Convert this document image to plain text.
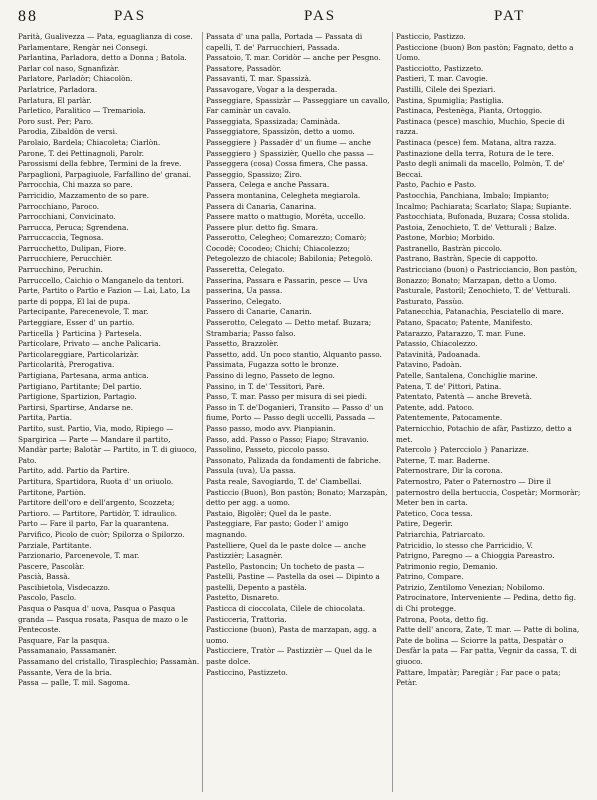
88	PAS	PAS	PAT

Parità, Gualivezza — Pata, eguaglianza di cose.

Parlamentare, Rengàr nei Consegi.

Parlantina, Parladora, detto a Donna ; Batola.

Parlar col naso, Sgnanfizàr.

Parlatore, Parladòr; Chiacolòn.

Parlatrice, Parladora.

Parlatura, El parlàr.

Parletico, Paralitico — Tremariola.

Poro sust. Per; Paro.

Parodia, Zibaldòn de versi.

Parolaio, Bardela; Chiacoleta; Ciarlòn.

Parone, T. dei Pettinagnoli, Parolr.

Parossismi della febbre, Termini de la freve.

Parpaglioni, Parpagiuole, Farfallino de' granai.

Parrocchia, Chi mazza so pare.

Parricidio, Mazzamento de so pare.

Parrocchiano, Paroco.

Parrocchiani, Convicinato.

Parrucca, Peruca; Sgrendena.

Parruccaccia, Tegnosa.

Parrucchetto, Dulipan, Fiore.

Parrucchiere, Perucchièr.

Parrucchino, Peruchin.

Parruccello, Caichio o Manganelo da tentori.

Parte, Partito o Partìo e Fazion — Lai, Lato, La parte di poppa, El lai de pupa.

Partecipante, Parecenevole, T. mar.

Parteggiare, Esser d' un partio.

Particella } Particina } Partesela.

Particolare, Privato — anche Palicaria.

Particolareggiare, Particolarizàr.

Particolarità, Prerogativa.

Partigiana, Partesana, arma antica.

Partigiano, Partitante; Del partio.

Partigione, Spartizion, Partagio.

Partirsi, Spartirse, Andarse ne.

Partita, Partia.

Partito, sust. Partio, Via, modo, Ripiego — Spargirica — Parte — Mandare il partito, Mandàr parte; Balotàr — Partito, in T. di giuoco, Pato.

Partito, add. Partio da Partire.

Partitura, Spartidora, Ruota d' un oriuolo.

Partitone, Partiòn.

Partitore dell'oro e dell'argento, Scozzeta; Partioro. — Partitore, Partidòr, T. idraulico.

Parto — Fare il parto, Far la quarantena.

Parvifico, Picolo de cuòr; Spilorza o Spilorzo.

Parziale, Partitante.

Parzionario, Parcenevole, T. mar.

Pascere, Pascolàr.

Pascià, Bassà.

Pascibietola, Visdecazzo.

Pascolo, Pasclo.

Pasqua o Pasqua d' uova, Pasqua o Pasqua granda — Pasqua rosata, Pasqua de mazo o le Pentecoste.

Pasquare, Far la pasqua.

Passamanaio, Passamanèr.

Passamano del cristallo, Tirasplechio; Passamàn.

Passante, Vera de la bria.

Passa — palle, T. mil. Sagoma.

Passata d' una palla, Portada — Passata di capelli, T. de' Parrucchieri, Passada.

Passatoio, T. mar. Coridòr — anche per Pesgno.

Passatore, Passadòr.

Passavanti, T. mar. Spassizà.

Passavogare, Vogar a la desperada.

Passeggiare, Spassizàr — Passeggiare un cavallo, Far caminàr un cavalo.

Passeggiata, Spassizada; Caminàda.

Passeggiatore, Spassizòn, detto a uomo.

Passeggiere } Passadèr d' un fiume — anche Passeggiero } Spassizièr, Quello che passa — Passeggera (cosa) Cossa fimera, Che passa.

Passeggio, Spassizo; Ziro.

Passera, Celega e anche Passara.

Passera montanina, Celegheta megiarola.

Passera di Canaria, Canarina.

Passere matto o mattugio, Moréta, uccello.

Passere plur. detto fig. Smara.

Passerotto, Celegheo; Comarezzo; Comarò; Cocodè; Cocodeo; Chichi; Chiacolezzo; Petegolezzo de chiacole; Babilonia; Petegolò.

Passeretta, Celegato.

Passerina, Passara e Passarin, pesce — Uva passerina, Ua passa.

Passerino, Celegato.

Passero di Canarie, Canarin.

Passerotto, Celegato — Detto metaf. Buzara; Strambaria; Passo falso.

Passetto, Brazzolèr.

Passetto, add. Un poco stantio, Alquanto passo.

Passimata, Fugazza sotto le bronze.

Passino di legno, Passeto de legno.

Passino, in T. de' Tessitori, Parè.

Passo, T. mar. Passo per misura di sei piedi.

Passo in T. de'Doganieri, Transito — Passo d' un fiume, Porto — Passo degli uccelli, Passada — Passo passo, modo avv. Pianpianin.

Passo, add. Passo o Passo; Fiapo; Stravanio.

Passolino, Passeto, piccolo passo.

Passonato, Palizada da fondamenti de fabriche.

Passula (uva), Ua passa.

Pasta reale, Savogiardo, T. de' Ciambellai.

Pasticcio (Buon), Bon pastòn; Bonato; Marzapàn, detto per agg. a uomo.

Pastaio, Bigolèr; Quel da le paste.

Pasteggiare, Far pasto; Goder l' amigo magnando.

Pastelliere, Quel da le paste dolce — anche Pastizzièr; Lasagnèr.

Pastello, Pastoncin; Un tocheto de pasta — Pastelli, Pastine — Pastella da osei — Dipinto a pastelli, Depento a pastèla.

Pastetto, Disnareto.

Pasticca di cioccolata, Cilele de chiocolata.

Pasticceria, Trattoria.

Pasticcione (buon), Pasta de marzapan, agg. a uomo.

Pasticciere, Tratòr — Pastizzièr — Quel da le paste dolce.

Pasticcino, Pastizzeto.

Pasticcio, Pastizzo.

Pasticcione (buon) Bon pastòn; Fagnato, detto a Uomo.

Pasticciotto, Pastizzeto.

Pastieri, T. mar. Cavogie.

Pastilli, Cilele dei Speziari.

Pastina, Spumiglia; Pastiglia.

Pastinaca, Pestenèga, Pianta, Ortoggio.

Pastinaca (pesce) maschio, Muchio, Specie di razza.

Pastinaca (pesce) fem. Matana, altra razza.

Pastinazione della terra, Rotura de le tere.

Pasto degli animali da macello, Polmòn, T. de' Beccai.

Pasto, Pachio e Pasto.

Pastocchia, Panchiana, Imbalo; Impianto; Incalmo; Pachiarata; Scarlato; Slapa; Supiante.

Pastocchiata, Bufonada, Buzara; Cossa stolida.

Pastoia, Zenochieto, T. de' Vetturali ; Balze.

Pastone, Morbio; Morbido.

Pastranello, Bastràn piccolo.

Pastrano, Bastràn, Specie di cappotto.

Pastricciano (buon) o Pastricciancio, Bon pastòn, Bonazzo; Bonato; Marzapan, detto a Uomo.

Pasturale, Pastoril; Zenochieto, T. de' Vetturali.

Pasturato, Passùo.

Patanecchia, Patanachia, Pesciatello di mare.

Patano, Spacato; Patente, Manifesto.

Patarazzo, Patarazzo, T. mar. Fune.

Patassio, Chiacolezzo.

Patavinità, Padoanada.

Patavino, Padoàn.

Patelle, Santalena, Conchiglie marine.

Patena, T. de' Pittori, Patina.

Patentato, Patentà — anche Brevetà.

Patente, add. Patoco.

Patentemente, Patocamente.

Paternicchio, Potachio de afàr, Pastizzo, detto a met.

Patercolo } Patercciolo } Panarizze.

Paterne, T. mar. Baderne.

Paternostrare, Dir la corona.

Paternostro, Pater o Paternostro — Dire il paternostro della bertuccia, Cospetàr; Mormoràr; Meter ben in carta.

Patetico, Coca tessa.

Patire, Degerìr.

Patriarchia, Patriarcato.

Patricidio, lo stesso che Parricidio, V.

Patrigno, Paregno — a Chioggia Pareastro.

Patrimonio regio, Demanio.

Patrino, Compare.

Patrizio, Zentilomo Venezian; Nobilomo.

Patrocinatore, Interveniente — Pedina, detto fig. di Chi protegge.

Patrona, Poota, detto fig.

Patte dell' ancora, Zate, T. mar. — Patte di bolina, Pate de bolina — Sciorre la patta, Despatàr o Desfàr la pata — Far patta, Vegnir da cassa, T. di giuoco.

Pattare, Impatàr; Paregiàr ; Far pace o pata; Petàr.
